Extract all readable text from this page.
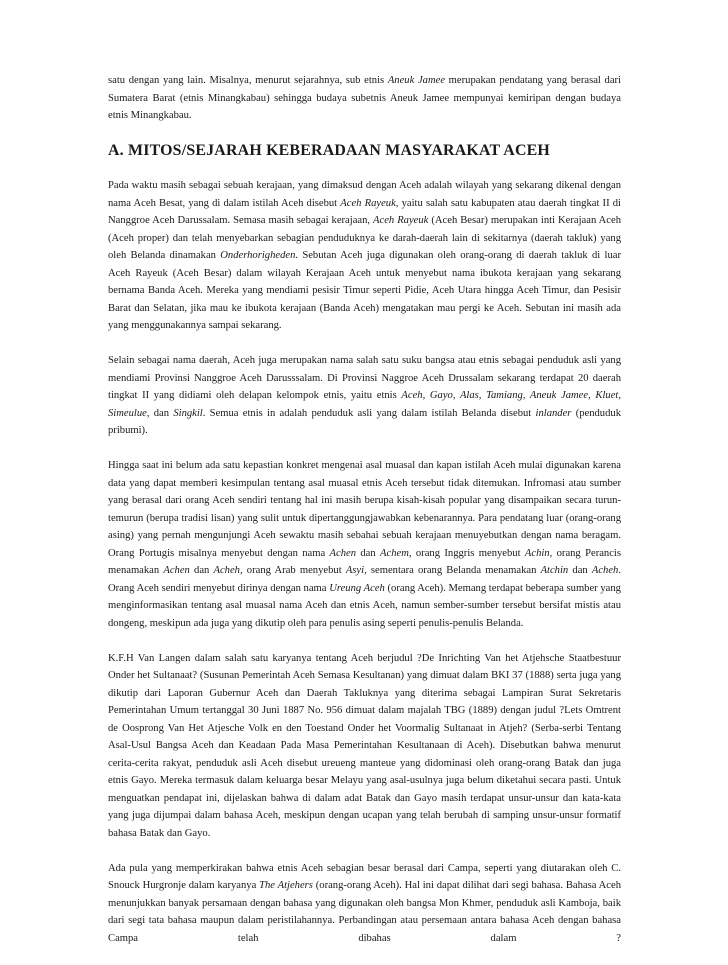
satu dengan yang lain. Misalnya, menurut sejarahnya, sub etnis Aneuk Jamee merupakan pendatang yang berasal dari Sumatera Barat (etnis Minangkabau) sehingga budaya subetnis Aneuk Jamee mempunyai kemiripan dengan budaya etnis Minangkabau.

A. MITOS/SEJARAH KEBERADAAN MASYARAKAT ACEH

Pada waktu masih sebagai sebuah kerajaan, yang dimaksud dengan Aceh adalah wilayah yang sekarang dikenal dengan nama Aceh Besat, yang di dalam istilah Aceh disebut Aceh Rayeuk, yaitu salah satu kabupaten atau daerah tingkat II di Nanggroe Aceh Darussalam. Semasa masih sebagai kerajaan, Aceh Rayeuk (Aceh Besar) merupakan inti Kerajaan Aceh (Aceh proper) dan telah menyebarkan sebagian penduduknya ke darah-daerah lain di sekitarnya (daerah takluk) yang oleh Belanda dinamakan Onderhorigheden. Sebutan Aceh juga digunakan oleh orang-orang di daerah takluk di luar Aceh Rayeuk (Aceh Besar) dalam wilayah Kerajaan Aceh untuk menyebut nama ibukota kerajaan yang sekarang bernama Banda Aceh. Mereka yang mendiami pesisir Timur seperti Pidie, Aceh Utara hingga Aceh Timur, dan Pesisir Barat dan Selatan, jika mau ke ibukota kerajaan (Banda Aceh) mengatakan mau pergi ke Aceh. Sebutan ini masih ada yang menggunakannya sampai sekarang.

Selain sebagai nama daerah, Aceh juga merupakan nama salah satu suku bangsa atau etnis sebagai penduduk asli yang mendiami Provinsi Nanggroe Aceh Darusssalam. Di Provinsi Naggroe Aceh Drussalam sekarang terdapat 20 daerah tingkat II yang didiami oleh delapan kelompok etnis, yaitu etnis Aceh, Gayo, Alas, Tamiang, Aneuk Jamee, Kluet, Simeulue, dan Singkil. Semua etnis in adalah penduduk asli yang dalam istilah Belanda disebut inlander (penduduk pribumi).

Hingga saat ini belum ada satu kepastian konkret mengenai asal muasal dan kapan istilah Aceh mulai digunakan karena data yang dapat memberi kesimpulan tentang asal muasal etnis Aceh tersebut tidak ditemukan. Infromasi atau sumber yang berasal dari orang Aceh sendiri tentang hal ini masih berupa kisah-kisah popular yang disampaikan secara turun-temurun (berupa tradisi lisan) yang sulit untuk dipertanggungjawabkan kebenarannya. Para pendatang luar (orang-orang asing) yang pernah mengunjungi Aceh sewaktu masih sebahai sebuah kerajaan menuyebutkan dengan nama beragam. Orang Portugis misalnya menyebut dengan nama Achen dan Achem, orang Inggris menyebut Achin, orang Perancis menamakan Achen dan Acheh, orang Arab menyebut Asyi, sementara orang Belanda menamakan Atchin dan Acheh. Orang Aceh sendiri menyebut dirinya dengan nama Ureung Aceh (orang Aceh). Memang terdapat beberapa sumber yang menginformasikan tentang asal muasal nama Aceh dan etnis Aceh, namun sember-sumber tersebut bersifat mistis atau dongeng, meskipun ada juga yang dikutip oleh para penulis asing seperti penulis-penulis Belanda.

K.F.H Van Langen dalam salah satu karyanya tentang Aceh berjudul ?De Inrichting Van het Atjehsche Staatbestuur Onder het Sultanaat? (Susunan Pemerintah Aceh Semasa Kesultanan) yang dimuat dalam BKI 37 (1888) serta juga yang dikutip dari Laporan Gubernur Aceh dan Daerah Takluknya yang diterima sebagai Lampiran Surat Sekretaris Pemerintahan Umum tertanggal 30 Juni 1887 No. 956 dimuat dalam majalah TBG (1889) dengan judul ?Lets Omtrent de Oosprong Van Het Atjesche Volk en den Toestand Onder het Voormalig Sultanaat in Atjeh? (Serba-serbi Tentang Asal-Usul Bangsa Aceh dan Keadaan Pada Masa Pemerintahan Kesultanaan di Aceh). Disebutkan bahwa menurut cerita-cerita rakyat, penduduk asli Aceh disebut ureueng manteue yang didominasi oleh orang-orang Batak dan juga etnis Gayo. Mereka termasuk dalam keluarga besar Melayu yang asal-usulnya juga belum diketahui secara pasti. Untuk menguatkan pendapat ini, dijelaskan bahwa di dalam adat Batak dan Gayo masih terdapat unsur-unsur dan kata-kata yang juga dijumpai dalam bahasa Aceh, meskipun dengan ucapan yang telah berubah di samping unsur-unsur formatif bahasa Batak dan Gayo.

Ada pula yang memperkirakan bahwa etnis Aceh sebagian besar berasal dari Campa, seperti yang diutarakan oleh C. Snouck Hurgronje dalam karyanya The Atjehers (orang-orang Aceh). Hal ini dapat dilihat dari segi bahasa. Bahasa Aceh menunjukkan banyak persamaan dengan bahasa yang digunakan oleh bangsa Mon Khmer, penduduk asli Kamboja, baik dari segi tata bahasa maupun dalam peristilahannya. Perbandingan atau persemaan antara bahasa Aceh dengan bahasa Campa telah dibahas dalam ?
